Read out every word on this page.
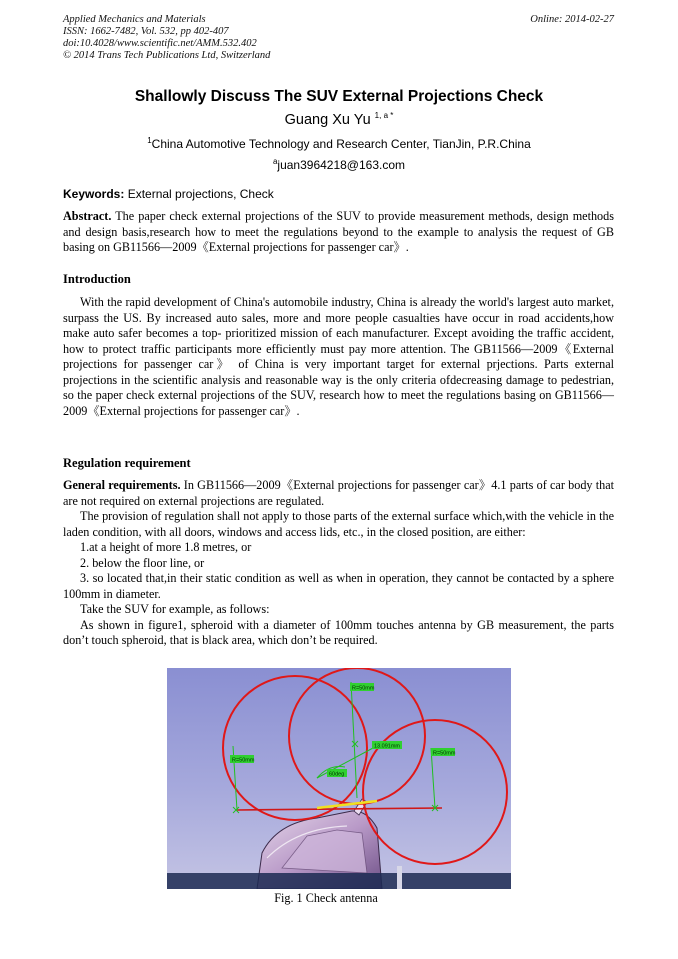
Applied Mechanics and Materials
ISSN: 1662-7482, Vol. 532, pp 402-407
doi:10.4028/www.scientific.net/AMM.532.402
© 2014 Trans Tech Publications Ltd, Switzerland
Online: 2014-02-27
Shallowly Discuss The SUV External Projections Check
Guang Xu Yu $^{1, a *}$
$^1$China Automotive Technology and Research Center, TianJin, P.R.China
$^a$juan3964218@163.com
Keywords: External projections, Check

Abstract. The paper check external projections of the SUV to provide measurement methods, design methods and design basis,research how to meet the regulations beyond to the example to analysis the request of GB basing on GB11566—2009《External projections for passenger car》.

Introduction

With the rapid development of China's automobile industry, China is already the world's largest auto market, surpass the US. By increased auto sales, more and more people casualties have occur in road accidents,how make auto safer becomes a top- prioritized mission of each manufacturer. Except avoiding the traffic accident, how to protect traffic participants more efficiently must pay more attention. The GB11566—2009《External projections for passenger car》 of China is very important target for external prjections. Parts external projections in the scientific analysis and reasonable way is the only criteria ofdecreasing damage to pedestrian, so the paper check external projections of the SUV, research how to meet the regulations basing on GB11566—2009《External projections for passenger car》.

Regulation requirement

General requirements. In GB11566—2009《External projections for passenger car》4.1 parts of car body that are not required on external projections are regulated.

The provision of regulation shall not apply to those parts of the external surface which,with the vehicle in the laden condition, with all doors, windows and access lids, etc., in the closed position, are either:

1.at a height of more 1.8 metres, or

2. below the floor line, or

3. so located that,in their static condition as well as when in operation, they cannot be contacted by a sphere 100mm in diameter.

Take the SUV for example, as follows:

As shown in figure1, spheroid with a diameter of 100mm touches antenna by GB measurement, the parts don’t touch spheroid, that is black area, which don’t be required.

R=50mm
R=50mm
R=50mm
13.091mm
60deg
Fig. 1 Check antenna
